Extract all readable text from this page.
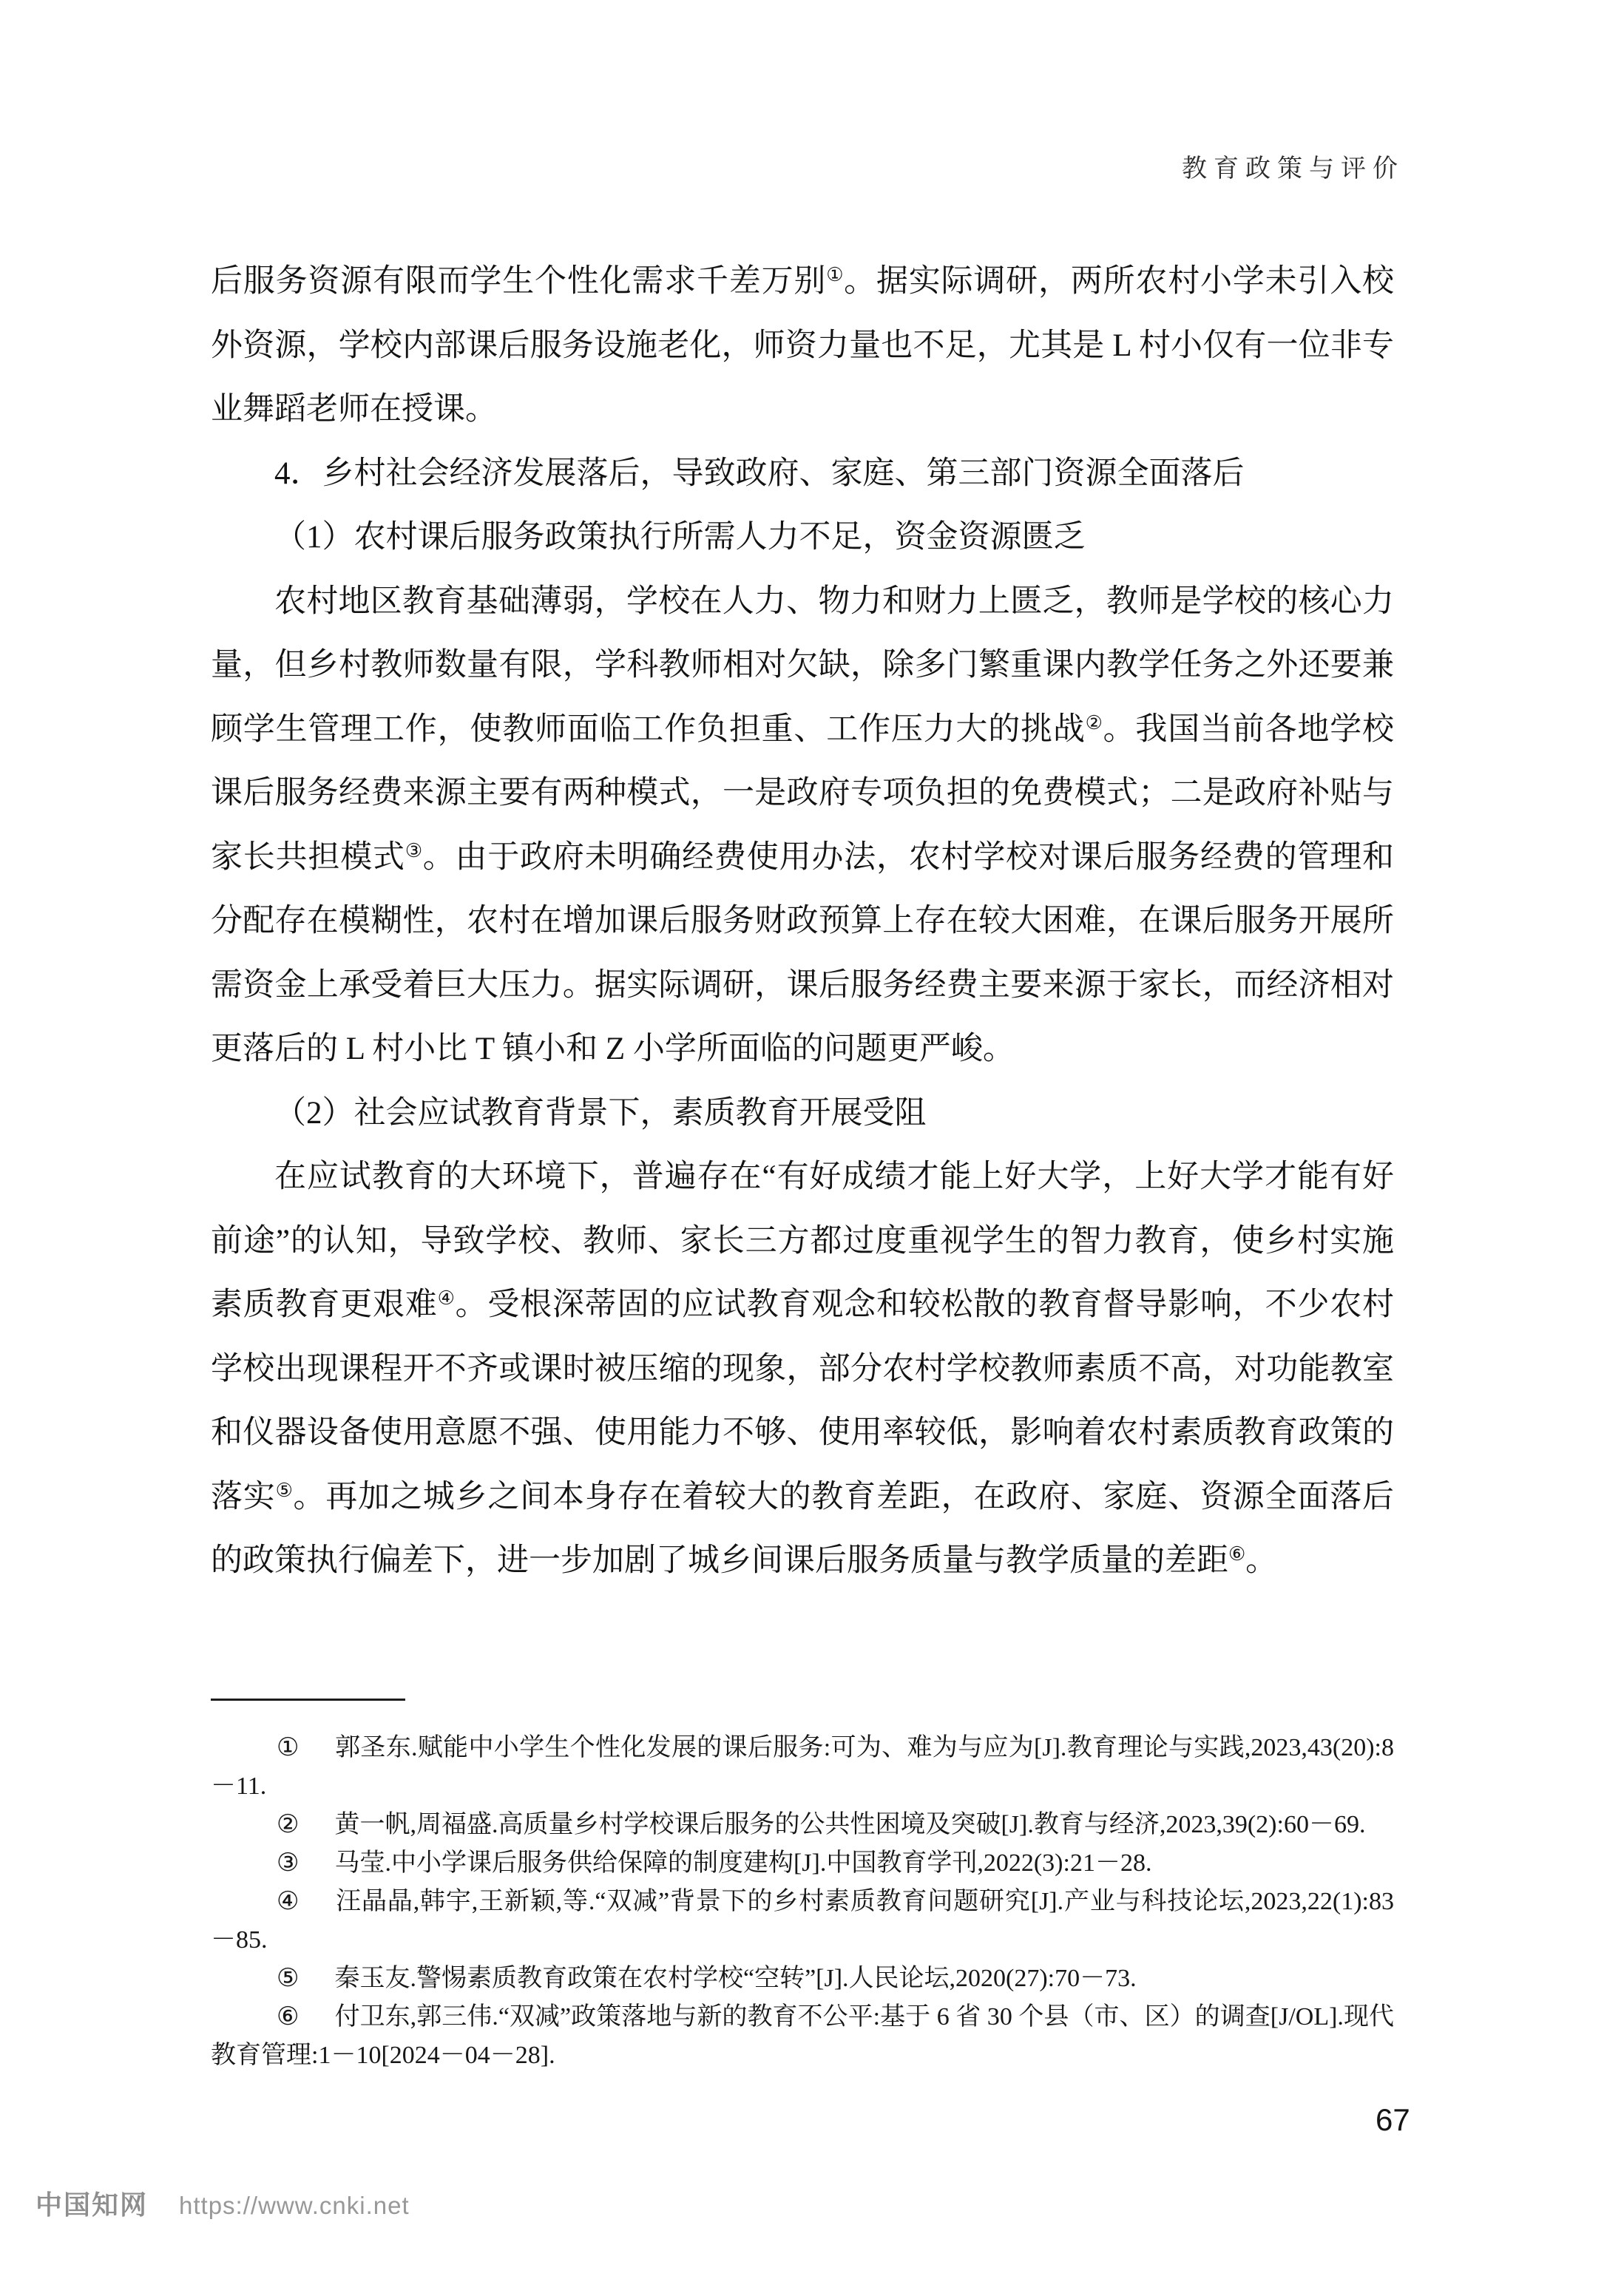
教育政策与评价

后服务资源有限而学生个性化需求千差万别①。据实际调研，两所农村小学未引入校外资源，学校内部课后服务设施老化，师资力量也不足，尤其是 L 村小仅有一位非专业舞蹈老师在授课。

4．乡村社会经济发展落后，导致政府、家庭、第三部门资源全面落后

（1）农村课后服务政策执行所需人力不足，资金资源匮乏

农村地区教育基础薄弱，学校在人力、物力和财力上匮乏，教师是学校的核心力量，但乡村教师数量有限，学科教师相对欠缺，除多门繁重课内教学任务之外还要兼顾学生管理工作，使教师面临工作负担重、工作压力大的挑战②。我国当前各地学校课后服务经费来源主要有两种模式，一是政府专项负担的免费模式；二是政府补贴与家长共担模式③。由于政府未明确经费使用办法，农村学校对课后服务经费的管理和分配存在模糊性，农村在增加课后服务财政预算上存在较大困难，在课后服务开展所需资金上承受着巨大压力。据实际调研，课后服务经费主要来源于家长，而经济相对更落后的 L 村小比 T 镇小和 Z 小学所面临的问题更严峻。

（2）社会应试教育背景下，素质教育开展受阻

在应试教育的大环境下，普遍存在“有好成绩才能上好大学，上好大学才能有好前途”的认知，导致学校、教师、家长三方都过度重视学生的智力教育，使乡村实施素质教育更艰难④。受根深蒂固的应试教育观念和较松散的教育督导影响，不少农村学校出现课程开不齐或课时被压缩的现象，部分农村学校教师素质不高，对功能教室和仪器设备使用意愿不强、使用能力不够、使用率较低，影响着农村素质教育政策的落实⑤。再加之城乡之间本身存在着较大的教育差距，在政府、家庭、资源全面落后的政策执行偏差下，进一步加剧了城乡间课后服务质量与教学质量的差距⑥。

① 郭圣东.赋能中小学生个性化发展的课后服务:可为、难为与应为[J].教育理论与实践,2023,43(20):8－11.

② 黄一帆,周福盛.高质量乡村学校课后服务的公共性困境及突破[J].教育与经济,2023,39(2):60－69.

③ 马莹.中小学课后服务供给保障的制度建构[J].中国教育学刊,2022(3):21－28.

④ 汪晶晶,韩宇,王新颖,等.“双减”背景下的乡村素质教育问题研究[J].产业与科技论坛,2023,22(1):83－85.

⑤ 秦玉友.警惕素质教育政策在农村学校“空转”[J].人民论坛,2020(27):70－73.

⑥ 付卫东,郭三伟.“双减”政策落地与新的教育不公平:基于 6 省 30 个县（市、区）的调查[J/OL].现代教育管理:1－10[2024－04－28].

67
中国知网 https://www.cnki.net
